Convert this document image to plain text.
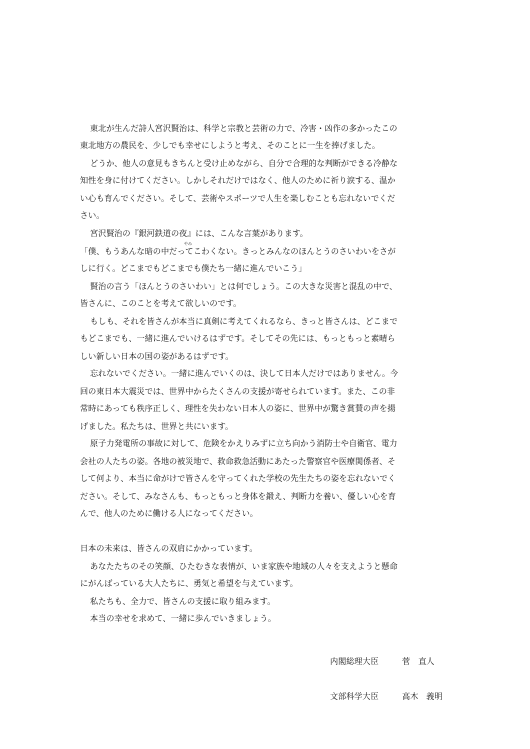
東北が生んだ詩人宮沢賢治は、科学と宗教と芸術の力で、冷害・凶作の多かったこの
東北地方の農民を、少しでも幸せにしようと考え、そのことに一生を捧げました。
どうか、他人の意見もきちんと受け止めながら、自分で合理的な判断ができる冷静な
知性を身に付けてください。しかしそれだけではなく、他人のために祈り涙する、温か
い心も育んでください。そして、芸術やスポーツで人生を楽しむことも忘れないでくだ
さい。
宮沢賢治の『銀河鉄道の夜』には、こんな言葉があります。
やみ
「僕、もうあんな暗の中だってこわくない。きっとみんなのほんとうのさいわいをさが
しに行く。どこまでもどこまでも僕たち一緒に進んでいこう」
賢治の言う「ほんとうのさいわい」とは何でしょう。この大きな災害と混乱の中で、
皆さんに、このことを考えて欲しいのです。
もしも、それを皆さんが本当に真剣に考えてくれるなら、きっと皆さんは、どこまで
もどこまでも、一緒に進んでいけるはずです。そしてその先には、もっともっと素晴ら
しい新しい日本の国の姿があるはずです。
忘れないでください。一緒に進んでいくのは、決して日本人だけではありません。今
回の東日本大震災では、世界中からたくさんの支援が寄せられています。また、この非
常時にあっても秩序正しく、理性を失わない日本人の姿に、世界中が驚き賞賛の声を揚
げました。私たちは、世界と共にいます。
原子力発電所の事故に対して、危険をかえりみずに立ち向かう消防士や自衛官、電力
会社の人たちの姿。各地の被災地で、救命救急活動にあたった警察官や医療関係者、そ
して何より、本当に命がけで皆さんを守ってくれた学校の先生たちの姿を忘れないでく
ださい。そして、みなさんも、もっともっと身体を鍛え、判断力を養い、優しい心を育
んで、他人のために働ける人になってください。
日本の未来は、皆さんの双肩にかかっています。
あなたたちのその笑顔、ひたむきな表情が、いま家族や地域の人々を支えようと懸命
にがんばっている大人たちに、勇気と希望を与えています。
私たちも、全力で、皆さんの支援に取り組みます。
本当の幸せを求めて、一緒に歩んでいきましょう。
内閣総理大臣	菅　直人
文部科学大臣	高木　義明
